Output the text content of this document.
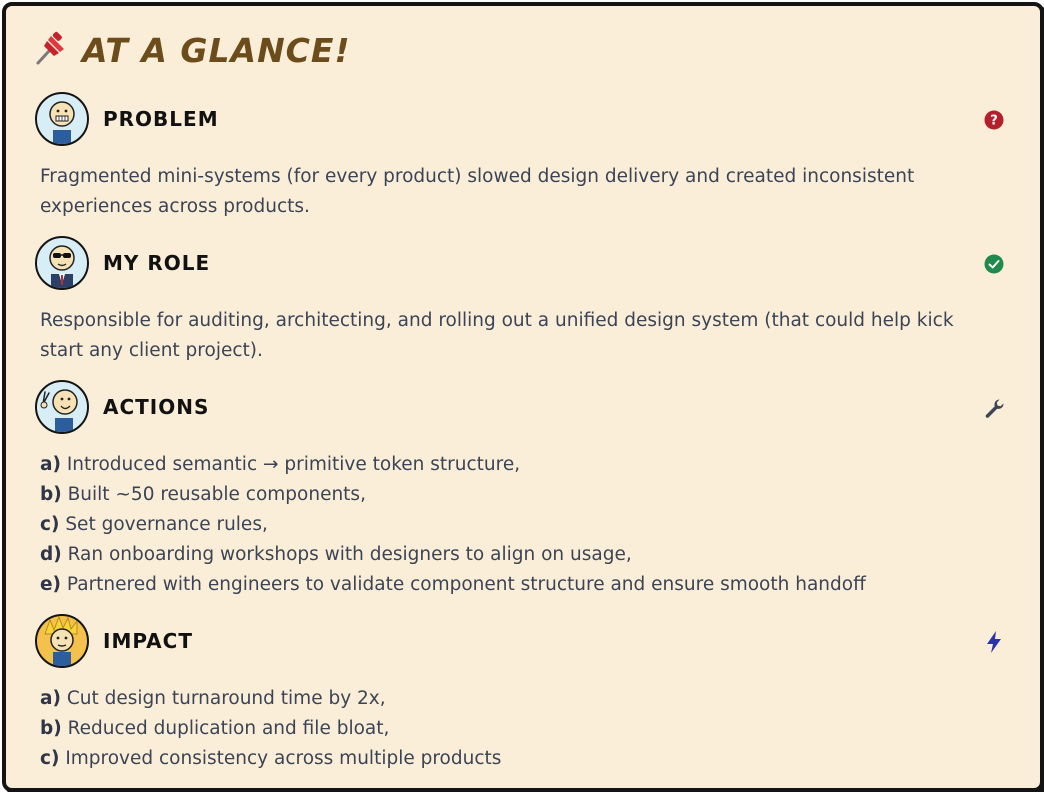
AT A GLANCE!
PROBLEM	?
Fragmented mini-systems (for every product) slowed design delivery and created inconsistent experiences across products.
MY ROLE
Responsible for auditing, architecting, and rolling out a unified design system (that could help kick start any client project).
ACTIONS
a) Introduced semantic → primitive token structure,
b) Built ~50 reusable components,
c) Set governance rules,
d) Ran onboarding workshops with designers to align on usage,
e) Partnered with engineers to validate component structure and ensure smooth handoff
IMPACT
a) Cut design turnaround time by 2x,
b) Reduced duplication and file bloat,
c) Improved consistency across multiple products
